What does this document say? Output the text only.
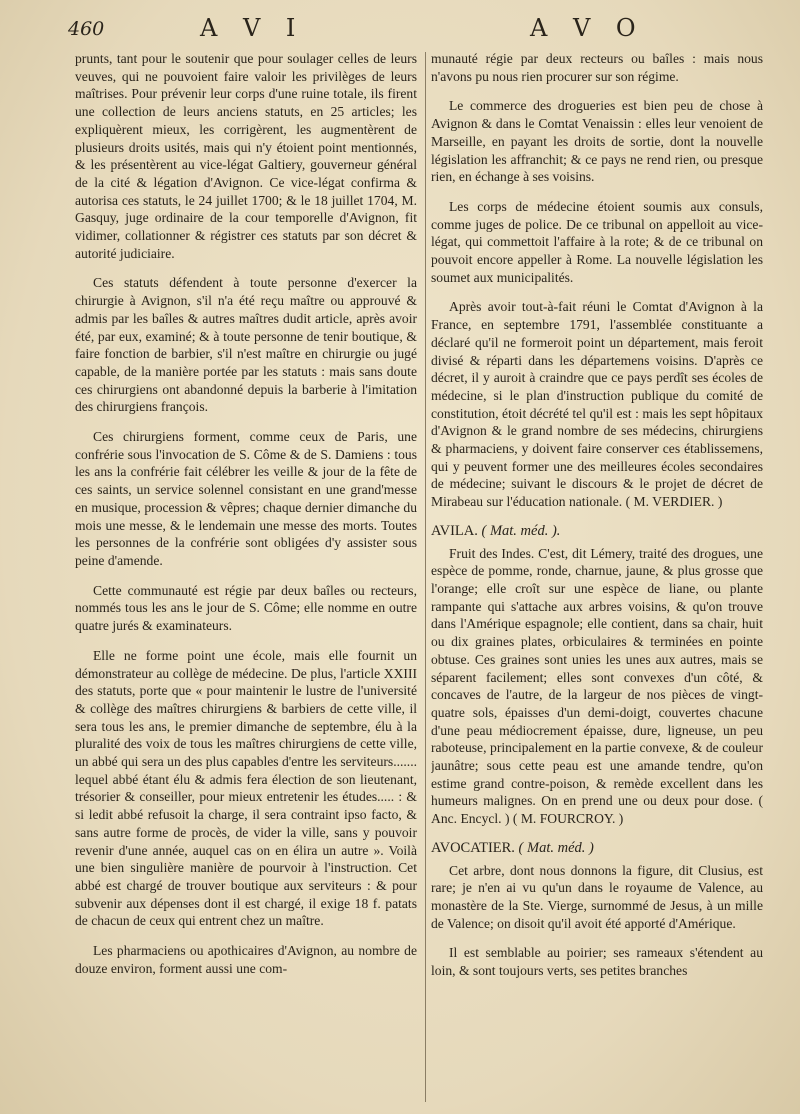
460	A V I	A V O

prunts, tant pour le soutenir que pour soulager celles de leurs veuves, qui ne pouvoient faire valoir les privilèges de leurs maîtrises. Pour prévenir leur corps d'une ruine totale, ils firent une collection de leurs anciens statuts, en 25 articles; les expliquèrent mieux, les corrigèrent, les augmentèrent de plusieurs droits usités, mais qui n'y étoient point mentionnés, & les présentèrent au vice-légat Galtiery, gouverneur général de la cité & légation d'Avignon. Ce vice-légat confirma & autorisa ces statuts, le 24 juillet 1700; & le 18 juillet 1704, M. Gasquy, juge ordinaire de la cour temporelle d'Avignon, fit vidimer, collationner & régistrer ces statuts par son décret & autorité judiciaire.

Ces statuts défendent à toute personne d'exercer la chirurgie à Avignon, s'il n'a été reçu maître ou approuvé & admis par les baîles & autres maîtres dudit article, après avoir été, par eux, examiné; & à toute personne de tenir boutique, & faire fonction de barbier, s'il n'est maître en chirurgie ou jugé capable, de la manière portée par les statuts : mais sans doute ces chirurgiens ont abandonné depuis la barberie à l'imitation des chirurgiens françois.

Ces chirurgiens forment, comme ceux de Paris, une confrérie sous l'invocation de S. Côme & de S. Damiens : tous les ans la confrérie fait célébrer les veille & jour de la fête de ces saints, un service solennel consistant en une grand'messe en musique, procession & vêpres; chaque dernier dimanche du mois une messe, & le lendemain une messe des morts. Toutes les personnes de la confrérie sont obligées d'y assister sous peine d'amende.

Cette communauté est régie par deux baîles ou recteurs, nommés tous les ans le jour de S. Côme; elle nomme en outre quatre jurés & examinateurs.

Elle ne forme point une école, mais elle fournit un démonstrateur au collège de médecine. De plus, l'article XXIII des statuts, porte que « pour maintenir le lustre de l'université & collège des maîtres chirurgiens & barbiers de cette ville, il sera tous les ans, le premier dimanche de septembre, élu à la pluralité des voix de tous les maîtres chirurgiens de cette ville, un abbé qui sera un des plus capables d'entre les serviteurs....... lequel abbé étant élu & admis fera élection de son lieutenant, trésorier & conseiller, pour mieux entretenir les études..... : & si ledit abbé refusoit la charge, il sera contraint ipso facto, & sans autre forme de procès, de vider la ville, sans y pouvoir revenir d'une année, auquel cas on en élira un autre ». Voilà une bien singulière manière de pourvoir à l'instruction. Cet abbé est chargé de trouver boutique aux serviteurs : & pour subvenir aux dépenses dont il est chargé, il exige 18 f. patats de chacun de ceux qui entrent chez un maître.

Les pharmaciens ou apothicaires d'Avignon, au nombre de douze environ, forment aussi une com-

munauté régie par deux recteurs ou baîles : mais nous n'avons pu nous rien procurer sur son régime.

Le commerce des drogueries est bien peu de chose à Avignon & dans le Comtat Venaissin : elles leur venoient de Marseille, en payant les droits de sortie, dont la nouvelle législation les affranchit; & ce pays ne rend rien, ou presque rien, en échange à ses voisins.

Les corps de médecine étoient soumis aux consuls, comme juges de police. De ce tribunal on appelloit au vice-légat, qui commettoit l'affaire à la rote; & de ce tribunal on pouvoit encore appeller à Rome. La nouvelle législation les soumet aux municipalités.

Après avoir tout-à-fait réuni le Comtat d'Avignon à la France, en septembre 1791, l'assemblée constituante a déclaré qu'il ne formeroit point un département, mais feroit divisé & réparti dans les départemens voisins. D'après ce décret, il y auroit à craindre que ce pays perdît ses écoles de médecine, si le plan d'instruction publique du comité de constitution, étoit décrété tel qu'il est : mais les sept hôpitaux d'Avignon & le grand nombre de ses médecins, chirurgiens & pharmaciens, y doivent faire conserver ces établissemens, qui y peuvent former une des meilleures écoles secondaires de médecine; suivant le discours & le projet de décret de Mirabeau sur l'éducation nationale. ( M. VERDIER. )

AVILA. ( Mat. méd. ).

Fruit des Indes. C'est, dit Lémery, traité des drogues, une espèce de pomme, ronde, charnue, jaune, & plus grosse que l'orange; elle croît sur une espèce de liane, ou plante rampante qui s'attache aux arbres voisins, & qu'on trouve dans l'Amérique espagnole; elle contient, dans sa chair, huit ou dix graines plates, orbiculaires & terminées en pointe obtuse. Ces graines sont unies les unes aux autres, mais se séparent facilement; elles sont convexes d'un côté, & concaves de l'autre, de la largeur de nos pièces de vingt-quatre sols, épaisses d'un demi-doigt, couvertes chacune d'une peau médiocrement épaisse, dure, ligneuse, un peu raboteuse, principalement en la partie convexe, & de couleur jaunâtre; sous cette peau est une amande tendre, qu'on estime grand contre-poison, & remède excellent dans les humeurs malignes. On en prend une ou deux pour dose. ( Anc. Encycl. ) ( M. FOURCROY. )

AVOCATIER. ( Mat. méd. )

Cet arbre, dont nous donnons la figure, dit Clusius, est rare; je n'en ai vu qu'un dans le royaume de Valence, au monastère de la Ste. Vierge, surnommé de Jesus, à un mille de Valence; on disoit qu'il avoit été apporté d'Amérique.

Il est semblable au poirier; ses rameaux s'étendent au loin, & sont toujours verts, ses petites branches
